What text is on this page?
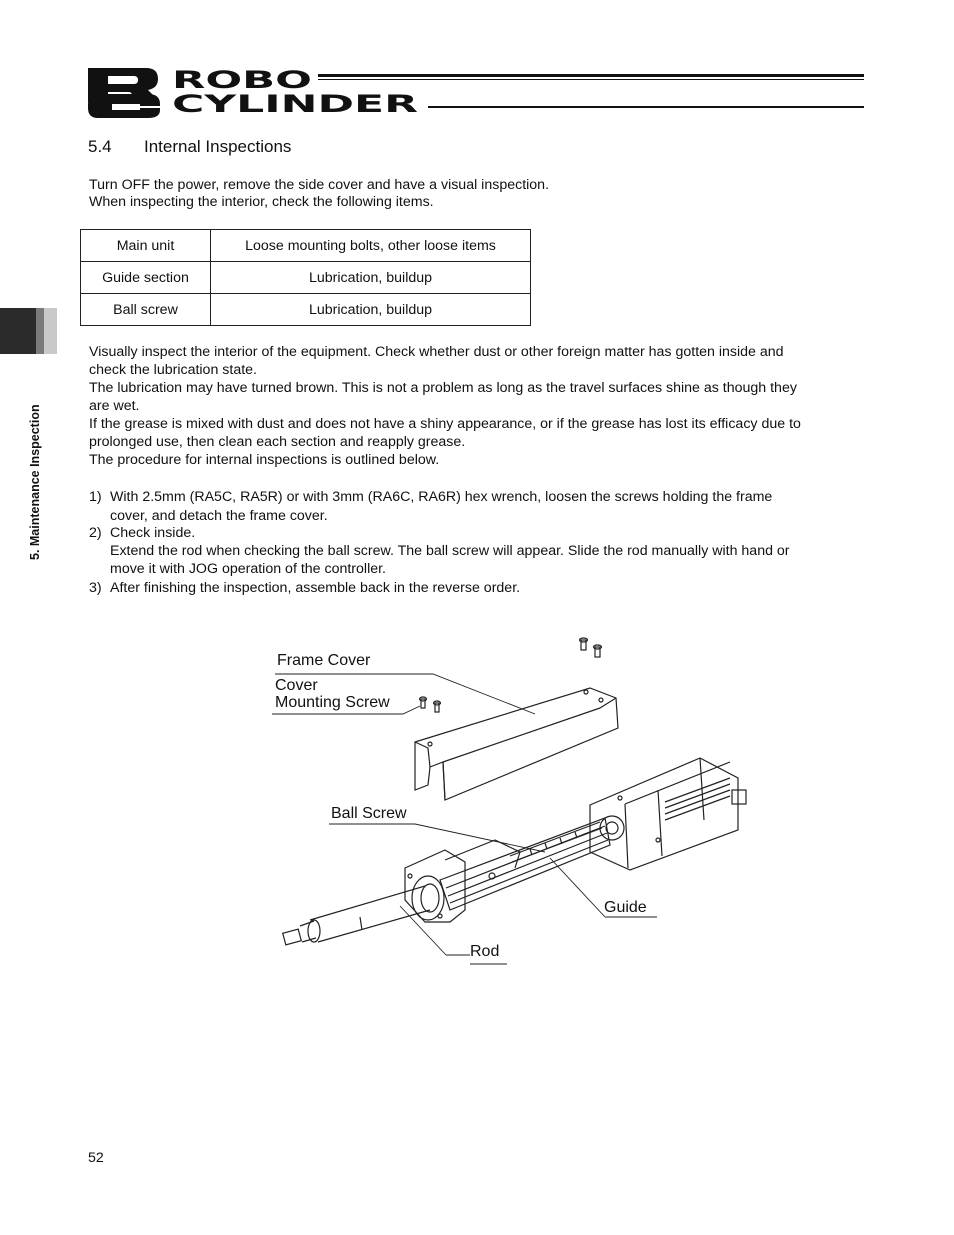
ROBO
CYLINDER
5.4 Internal Inspections
Turn OFF the power, remove the side cover and have a visual inspection.
When inspecting the interior, check the following items.
Main unit	Loose mounting bolts, other loose items
Guide section	Lubrication, buildup
Ball screw	Lubrication, buildup
5. Maintenance Inspection
Visually inspect the interior of the equipment. Check whether dust or other foreign matter has gotten inside and
check the lubrication state.
The lubrication may have turned brown. This is not a problem as long as the travel surfaces shine as though they
are wet.
If the grease is mixed with dust and does not have a shiny appearance, or if the grease has lost its efficacy due to
prolonged use, then clean each section and reapply grease.
The procedure for internal inspections is outlined below.
1) With 2.5mm (RA5C, RA5R) or with 3mm (RA6C, RA6R) hex wrench, loosen the screws holding the frame
cover, and detach the frame cover.
2) Check inside.
Extend the rod when checking the ball screw. The ball screw will appear. Slide the rod manually with hand or
move it with JOG operation of the controller.
3) After finishing the inspection, assemble back in the reverse order.
Frame Cover
Cover
Mounting Screw
Ball Screw
Guide
Rod
52
